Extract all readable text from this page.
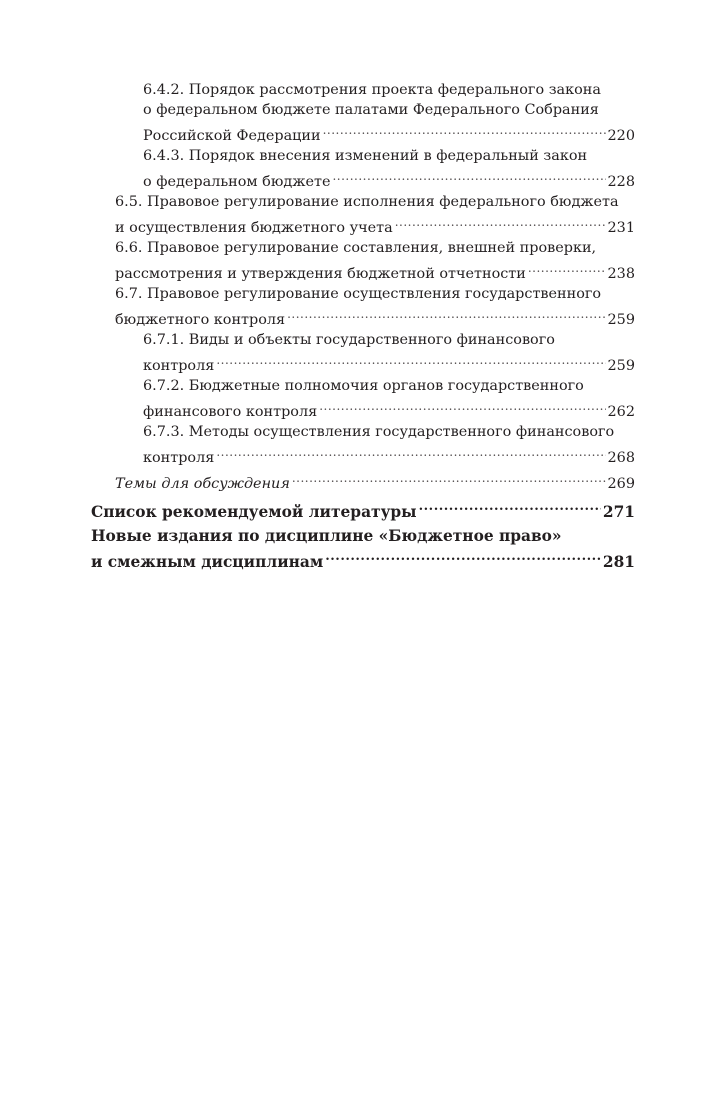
6.4.2. Порядок рассмотрения проекта федерального закона
о федеральном бюджете палатами Федерального Собрания
Российской Федерации .....	220
6.4.3. Порядок внесения изменений в федеральный закон
о федеральном бюджете .....	228
6.5. Правовое регулирование исполнения федерального бюджета
и осуществления бюджетного учета .....	231
6.6. Правовое регулирование составления, внешней проверки,
рассмотрения и утверждения бюджетной отчетности .....	238
6.7. Правовое регулирование осуществления государственного
бюджетного контроля .....	259
6.7.1. Виды и объекты государственного финансового
контроля .....	259
6.7.2. Бюджетные полномочия органов государственного
финансового контроля .....	262
6.7.3. Методы осуществления государственного финансового
контроля .....	268
Темы для обсуждения .....	269
Список рекомендуемой литературы .....	271
Новые издания по дисциплине «Бюджетное право»
и смежным дисциплинам .....	281
